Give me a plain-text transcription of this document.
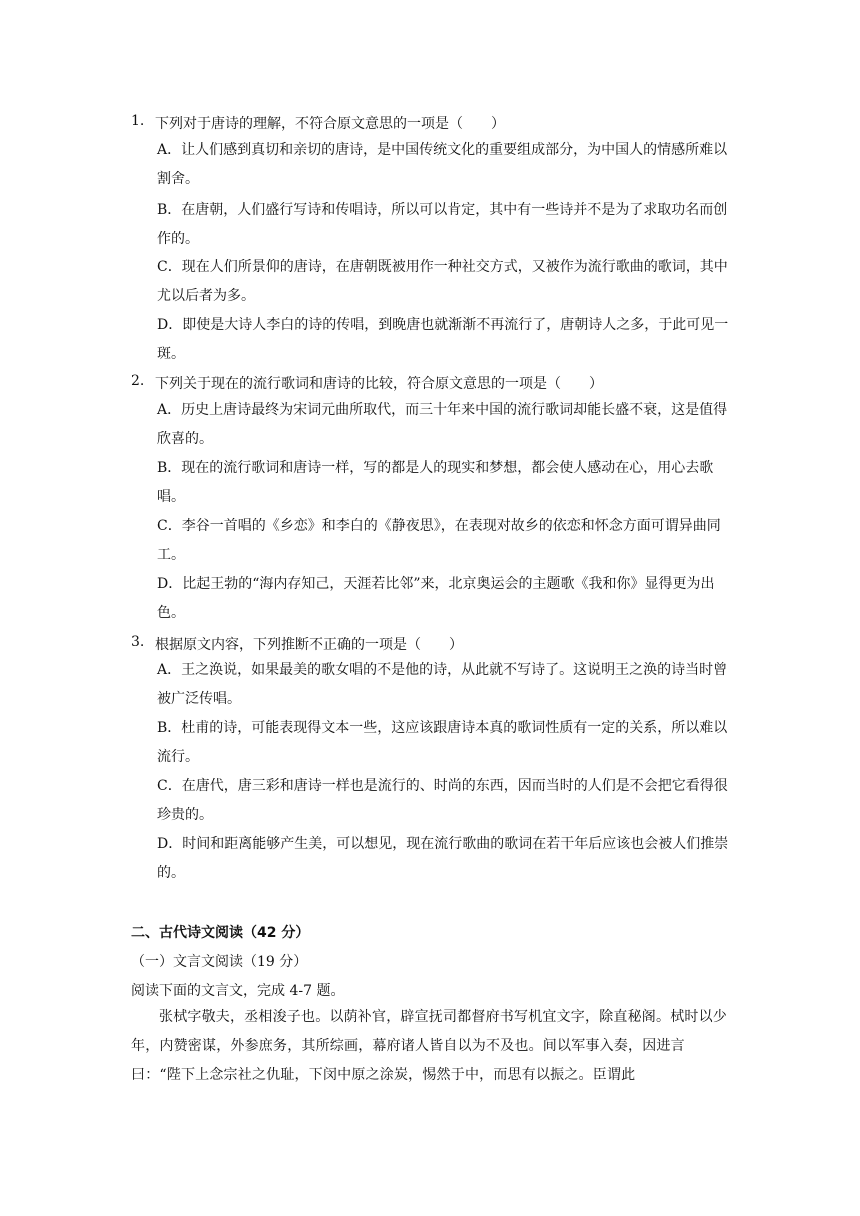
1. 下列对于唐诗的理解，不符合原文意思的一项是（　　）
A．让人们感到真切和亲切的唐诗，是中国传统文化的重要组成部分，为中国人的情感所难以割舍。
B．在唐朝，人们盛行写诗和传唱诗，所以可以肯定，其中有一些诗并不是为了求取功名而创作的。
C．现在人们所景仰的唐诗，在唐朝既被用作一种社交方式，又被作为流行歌曲的歌词，其中尤以后者为多。
D．即使是大诗人李白的诗的传唱，到晚唐也就渐渐不再流行了，唐朝诗人之多，于此可见一斑。
2. 下列关于现在的流行歌词和唐诗的比较，符合原文意思的一项是（　　）
A．历史上唐诗最终为宋词元曲所取代，而三十年来中国的流行歌词却能长盛不衰，这是值得欣喜的。
B．现在的流行歌词和唐诗一样，写的都是人的现实和梦想，都会使人感动在心，用心去歌唱。
C．李谷一首唱的《乡恋》和李白的《静夜思》，在表现对故乡的依恋和怀念方面可谓异曲同工。
D．比起王勃的“海内存知己，天涯若比邻”来，北京奥运会的主题歌《我和你》显得更为出色。
3. 根据原文内容，下列推断不正确的一项是（　　）
A．王之涣说，如果最美的歌女唱的不是他的诗，从此就不写诗了。这说明王之涣的诗当时曾被广泛传唱。
B．杜甫的诗，可能表现得文本一些，这应该跟唐诗本真的歌词性质有一定的关系，所以难以流行。
C．在唐代，唐三彩和唐诗一样也是流行的、时尚的东西，因而当时的人们是不会把它看得很珍贵的。
D．时间和距离能够产生美，可以想见，现在流行歌曲的歌词在若干年后应该也会被人们推崇的。
二、古代诗文阅读（42 分）
（一）文言文阅读（19 分）
阅读下面的文言文，完成 4-7 题。
张栻字敬夫，丞相浚子也。以荫补官，辟宣抚司都督府书写机宜文字，除直秘阁。栻时以少年，内赞密谋，外参庶务，其所综画，幕府诸人皆自以为不及也。间以军事入奏，因进言曰：“陛下上念宗社之仇耻，下闵中原之涂炭，惕然于中，而思有以振之。臣谓此
